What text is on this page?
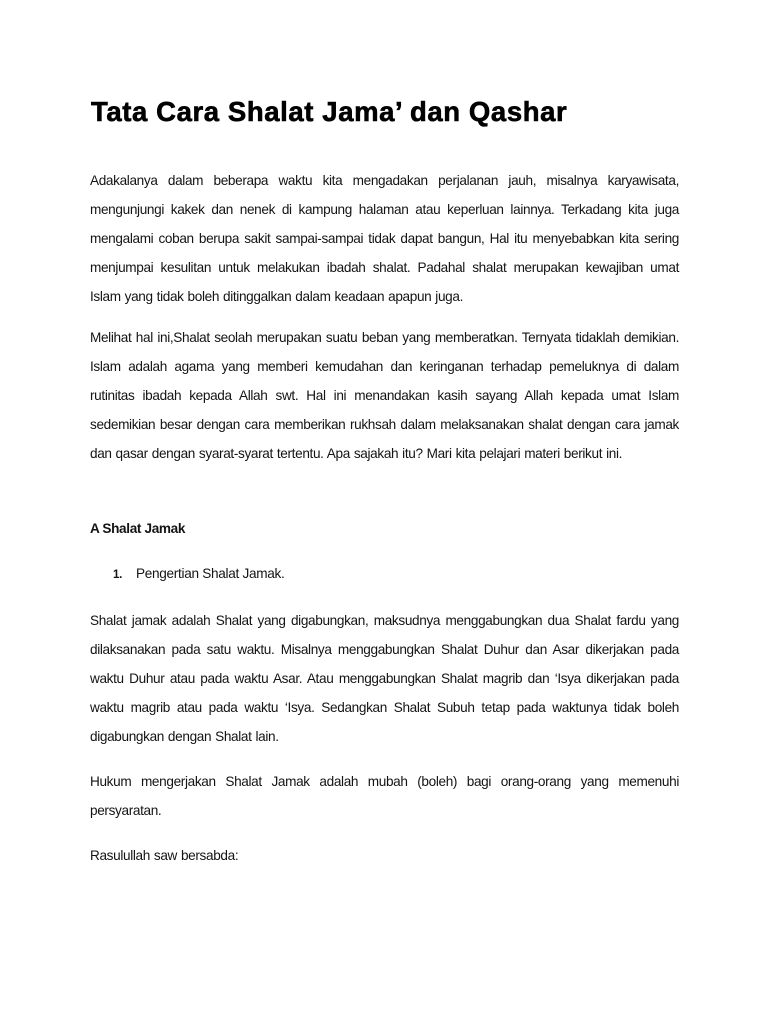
Tata Cara Shalat Jama’ dan Qashar

Adakalanya dalam beberapa waktu kita mengadakan perjalanan jauh, misalnya karyawisata, mengunjungi kakek dan nenek di kampung halaman atau keperluan lainnya. Terkadang kita juga mengalami coban berupa sakit sampai-sampai tidak dapat bangun, Hal itu menyebabkan kita sering menjumpai kesulitan untuk melakukan ibadah shalat. Padahal shalat merupakan kewajiban umat Islam yang tidak boleh ditinggalkan dalam keadaan apapun juga.

Melihat hal ini,Shalat seolah merupakan suatu beban yang memberatkan. Ternyata tidaklah demikian. Islam adalah agama yang memberi kemudahan dan keringanan terhadap pemeluknya di dalam rutinitas ibadah kepada Allah swt. Hal ini menandakan kasih sayang Allah kepada umat Islam sedemikian besar dengan cara memberikan rukhsah dalam melaksanakan shalat dengan cara jamak dan qasar dengan syarat-syarat tertentu. Apa sajakah itu? Mari kita pelajari materi berikut ini.

A Shalat Jamak
1.	Pengertian Shalat Jamak.

Shalat jamak adalah Shalat yang digabungkan, maksudnya menggabungkan dua Shalat fardu yang dilaksanakan pada satu waktu. Misalnya menggabungkan Shalat Duhur dan Asar dikerjakan pada waktu Duhur atau pada waktu Asar. Atau menggabungkan Shalat magrib dan ‘Isya dikerjakan pada waktu magrib atau pada waktu ‘Isya. Sedangkan Shalat Subuh tetap pada waktunya tidak boleh digabungkan dengan Shalat lain.

Hukum mengerjakan Shalat Jamak adalah mubah (boleh) bagi orang-orang yang memenuhi persyaratan.

Rasulullah saw bersabda:
